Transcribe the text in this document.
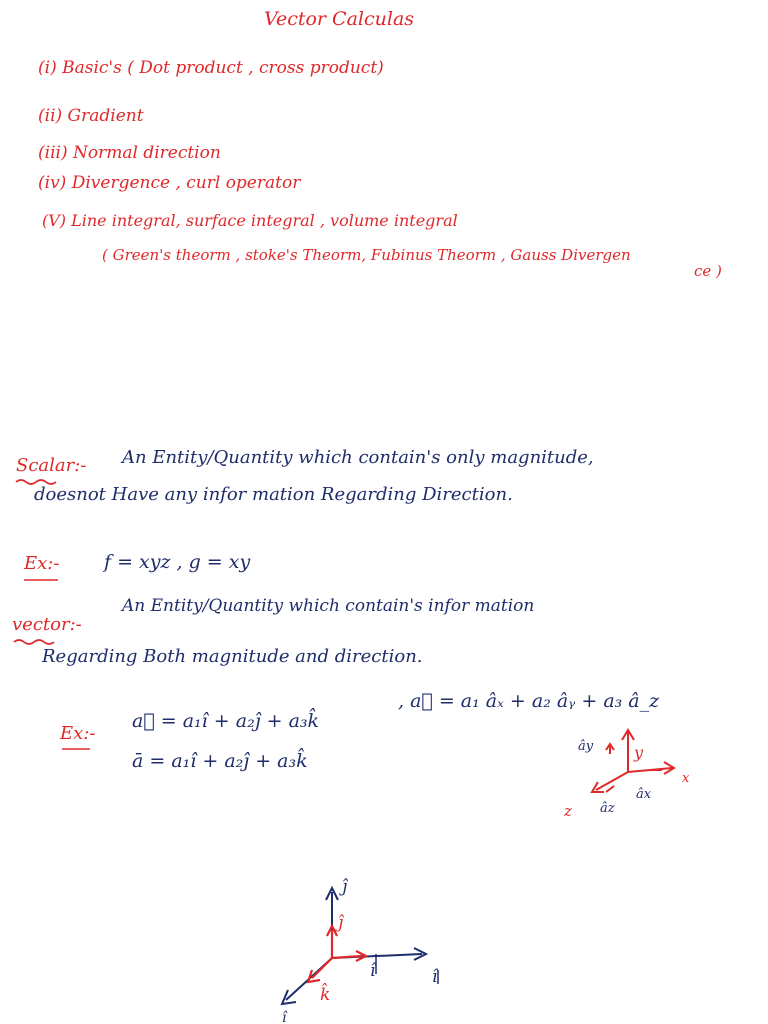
Vector Calculas
(i) Basic's ( Dot product , cross product)
(ii) Gradient
(iii) Normal direction
(iv) Divergence , curl operator
(V) Line integral, surface integral , volume integral
( Green's theorm , stoke's Theorm, Fubinus Theorm , Gauss Divergen
ce )
Scalar:- An Entity/Quantity which contain's only magnitude,
doesnot Have any infor mation Regarding Direction.
Ex:- f = xyz , g = xy
vector:-
An Entity/Quantity which contain's infor mation
Regarding Both magnitude and direction.
Ex:-
a⃗ = a₁î + a₂ĵ + a₃k̂
ā = a₁î + a₂ĵ + a₃k̂
, a⃗ = a₁ âₓ + a₂ âᵧ + a₃ â_z
ây	y
x
z
âx
âz
ĵ
ĵ
k̂
î	î
î
